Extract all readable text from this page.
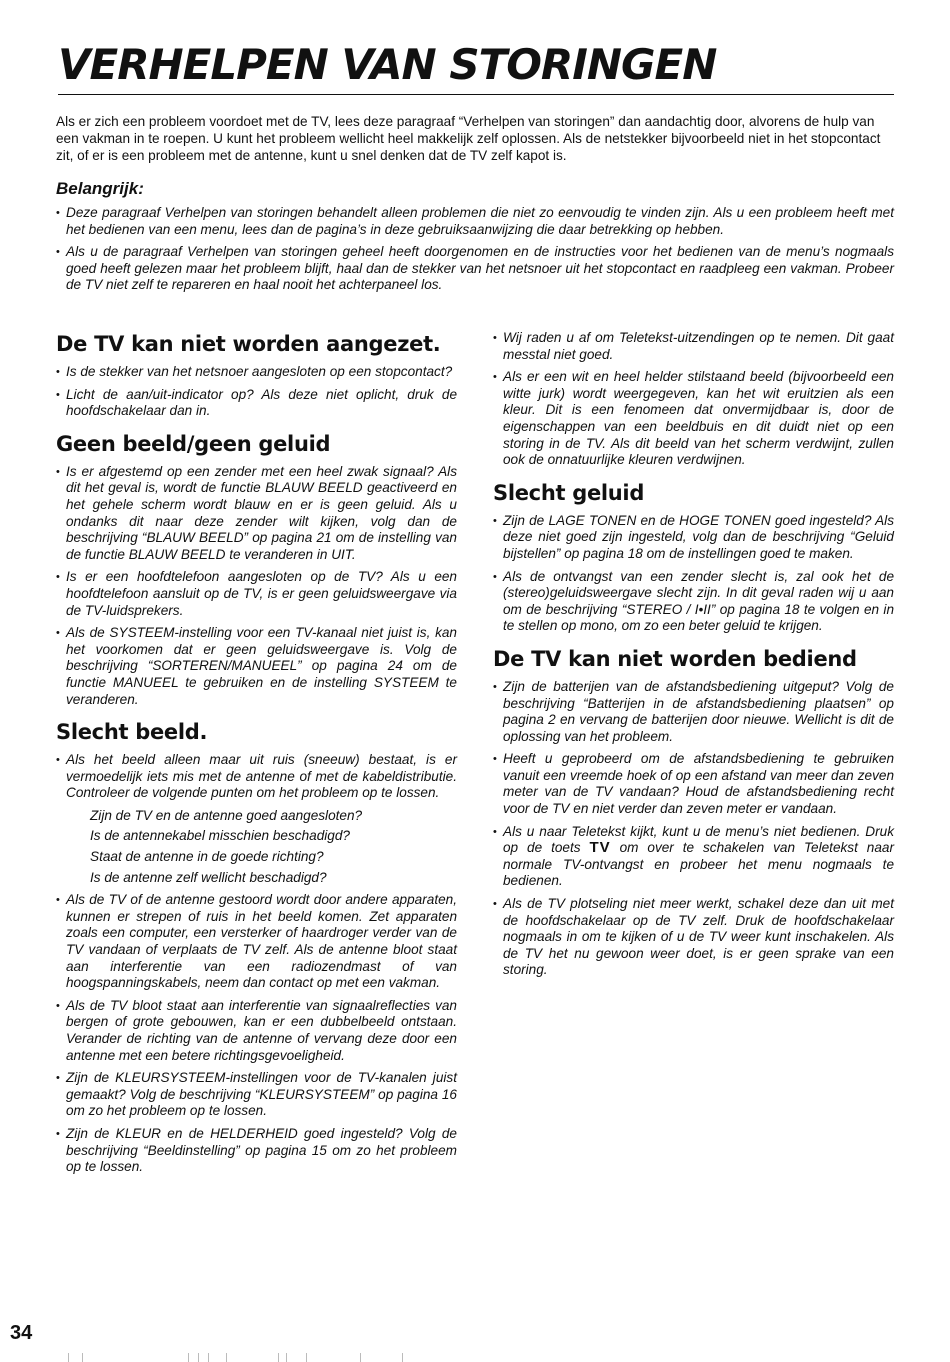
VERHELPEN VAN STORINGEN

Als er zich een probleem voordoet met de TV, lees deze paragraaf “Verhelpen van storingen” dan aandachtig door, alvorens de hulp van een vakman in te roepen. U kunt het probleem wellicht heel makkelijk zelf oplossen. Als de netstekker bijvoorbeeld niet in het stopcontact zit, of er is een probleem met de antenne, kunt u snel denken dat de TV zelf kapot is.

Belangrijk:

• Deze paragraaf Verhelpen van storingen behandelt alleen problemen die niet zo eenvoudig te vinden zijn. Als u een probleem heeft met het bedienen van een menu, lees dan de pagina’s in deze gebruiksaanwijzing die daar betrekking op hebben.
• Als u de paragraaf Verhelpen van storingen geheel heeft doorgenomen en de instructies voor het bedienen van de menu’s nogmaals goed heeft gelezen maar het probleem blijft, haal dan de stekker van het netsnoer uit het stopcontact en raadpleeg een vakman. Probeer de TV niet zelf te repareren en haal nooit het achterpaneel los.
De TV kan niet worden aangezet.
• Is de stekker van het netsnoer aangesloten op een stopcontact?
• Licht de aan/uit-indicator op? Als deze niet oplicht, druk de hoofdschakelaar dan in.
Geen beeld/geen geluid
• Is er afgestemd op een zender met een heel zwak signaal? Als dit het geval is, wordt de functie BLAUW BEELD geactiveerd en het gehele scherm wordt blauw en er is geen geluid. Als u ondanks dit naar deze zender wilt kijken, volg dan de beschrijving “BLAUW BEELD” op pagina 21 om de instelling van de functie BLAUW BEELD te veranderen in UIT.
• Is er een hoofdtelefoon aangesloten op de TV? Als u een hoofdtelefoon aansluit op de TV, is er geen geluidsweergave via de TV-luidsprekers.
• Als de SYSTEEM-instelling voor een TV-kanaal niet juist is, kan het voorkomen dat er geen geluidsweergave is. Volg de beschrijving “SORTEREN/MANUEEL” op pagina 24 om de functie MANUEEL te gebruiken en de instelling SYSTEEM te veranderen.
Slecht beeld.
• Als het beeld alleen maar uit ruis (sneeuw) bestaat, is er vermoedelijk iets mis met de antenne of met de kabeldistributie. Controleer de volgende punten om het probleem op te lossen.

Zijn de TV en de antenne goed aangesloten?

Is de antennekabel misschien beschadigd?

Staat de antenne in de goede richting?

Is de antenne zelf wellicht beschadigd?

• Als de TV of de antenne gestoord wordt door andere apparaten, kunnen er strepen of ruis in het beeld komen. Zet apparaten zoals een computer, een versterker of haardroger verder van de TV vandaan of verplaats de TV zelf. Als de antenne bloot staat aan interferentie van een radiozendmast of van hoogspanningskabels, neem dan contact op met een vakman.
• Als de TV bloot staat aan interferentie van signaalreflecties van bergen of grote gebouwen, kan er een dubbelbeeld ontstaan. Verander de richting van de antenne of vervang deze door een antenne met een betere richtingsgevoeligheid.
• Zijn de KLEURSYSTEEM-instellingen voor de TV-kanalen juist gemaakt? Volg de beschrijving “KLEURSYSTEEM” op pagina 16 om zo het probleem op te lossen.
• Zijn de KLEUR en de HELDERHEID goed ingesteld? Volg de beschrijving “Beeldinstelling” op pagina 15 om zo het probleem op te lossen.
• Wij raden u af om Teletekst-uitzendingen op te nemen. Dit gaat messtal niet goed.
• Als er een wit en heel helder stilstaand beeld (bijvoorbeeld een witte jurk) wordt weergegeven, kan het wit eruitzien als een kleur. Dit is een fenomeen dat onvermijdbaar is, door de eigenschappen van een beeldbuis en dit duidt niet op een storing in de TV. Als dit beeld van het scherm verdwijnt, zullen ook de onnatuurlijke kleuren verdwijnen.
Slecht geluid
• Zijn de LAGE TONEN en de HOGE TONEN goed ingesteld? Als deze niet goed zijn ingesteld, volg dan de beschrijving “Geluid bijstellen” op pagina 18 om de instellingen goed te maken.
• Als de ontvangst van een zender slecht is, zal ook het de (stereo)geluidsweergave slecht zijn. In dit geval raden wij u aan om de beschrijving “STEREO / I•II” op pagina 18 te volgen en in te stellen op mono, om zo een beter geluid te krijgen.
De TV kan niet worden bediend
• Zijn de batterijen van de afstandsbediening uitgeput? Volg de beschrijving “Batterijen in de afstandsbediening plaatsen” op pagina 2 en vervang de batterijen door nieuwe. Wellicht is dit de oplossing van het probleem.
• Heeft u geprobeerd om de afstandsbediening te gebruiken vanuit een vreemde hoek of op een afstand van meer dan zeven meter van de TV vandaan? Houd de afstandsbediening recht voor de TV en niet verder dan zeven meter er vandaan.
• Als u naar Teletekst kijkt, kunt u de menu’s niet bedienen. Druk op de toets TV om over te schakelen van Teletekst naar normale TV-ontvangst en probeer het menu nogmaals te bedienen.
• Als de TV plotseling niet meer werkt, schakel deze dan uit met de hoofdschakelaar op de TV zelf. Druk de hoofdschakelaar nogmaals in om te kijken of u de TV weer kunt inschakelen. Als de TV het nu gewoon weer doet, is er geen sprake van een storing.

34
